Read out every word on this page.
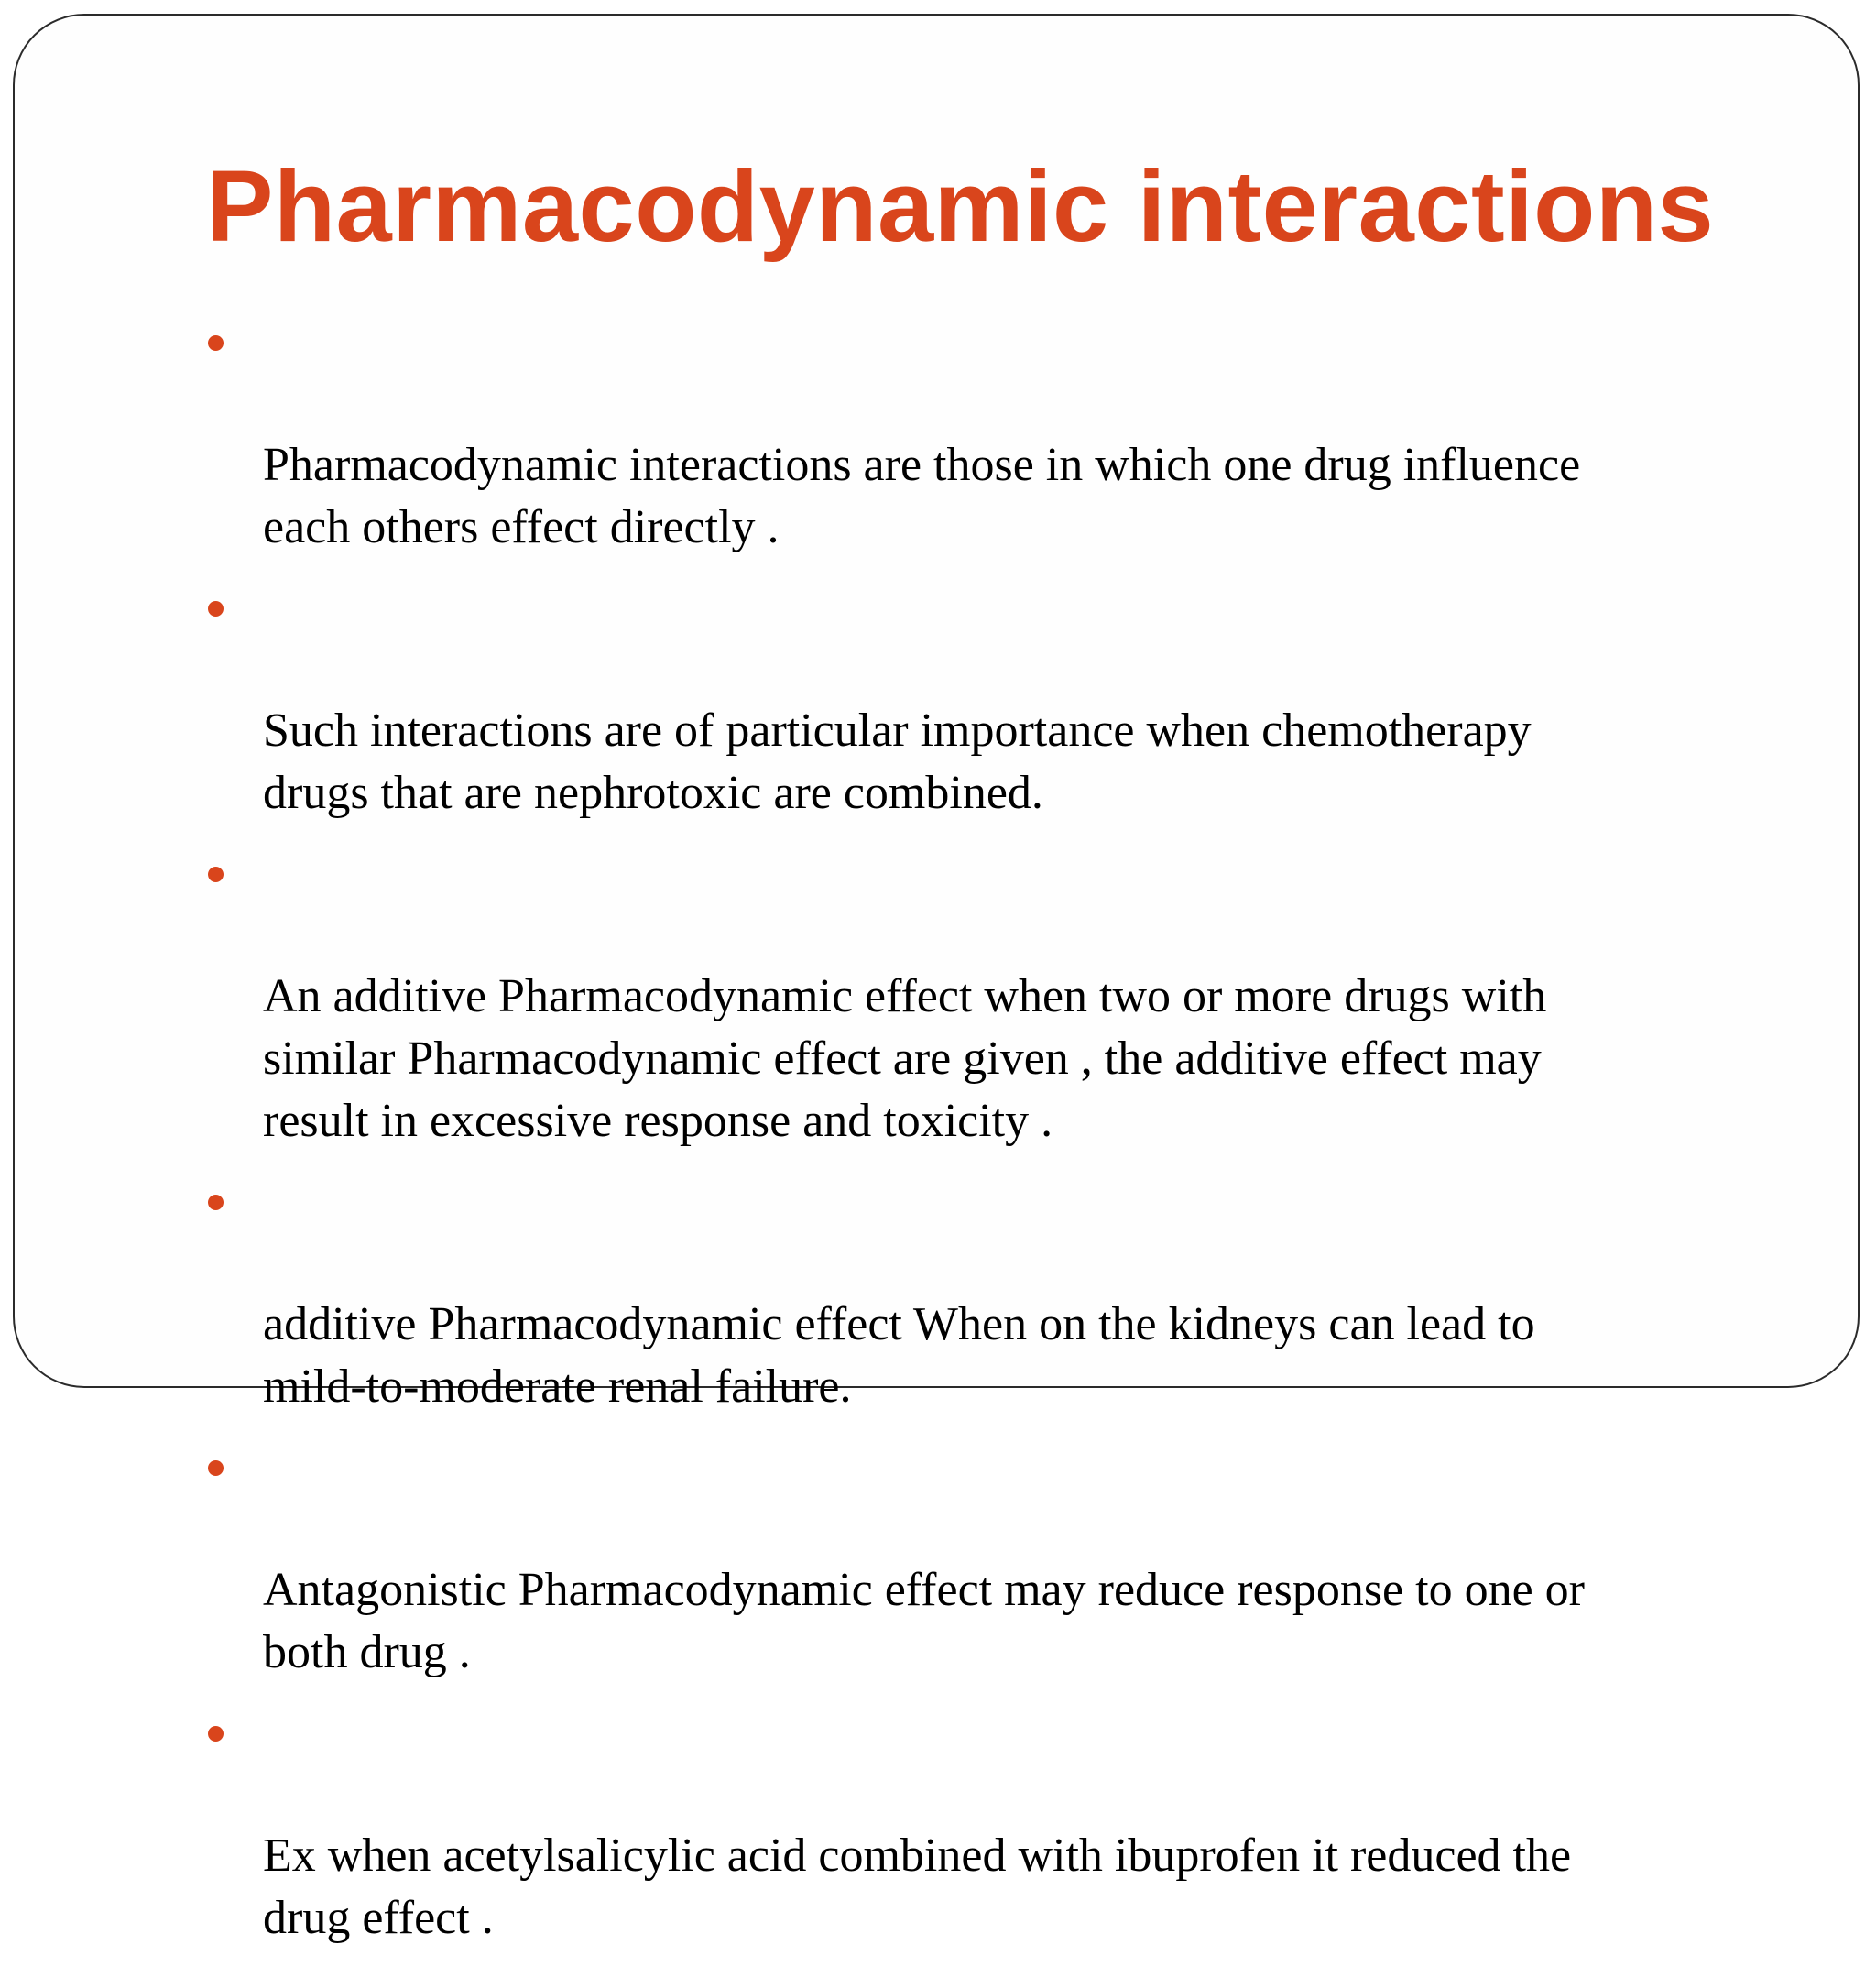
Pharmacodynamic interactions

Pharmacodynamic interactions are those in which one drug influence
each others effect directly .

Such interactions are of particular importance when chemotherapy
drugs that are nephrotoxic are combined.

An additive Pharmacodynamic effect when two or more drugs with
similar Pharmacodynamic effect are given , the additive effect may
result in excessive response and toxicity .

additive Pharmacodynamic effect When on the kidneys can lead to
mild-to-moderate renal failure.

Antagonistic Pharmacodynamic effect may reduce response to one or
both drug .

Ex when acetylsalicylic acid combined with ibuprofen it reduced the
drug effect .
